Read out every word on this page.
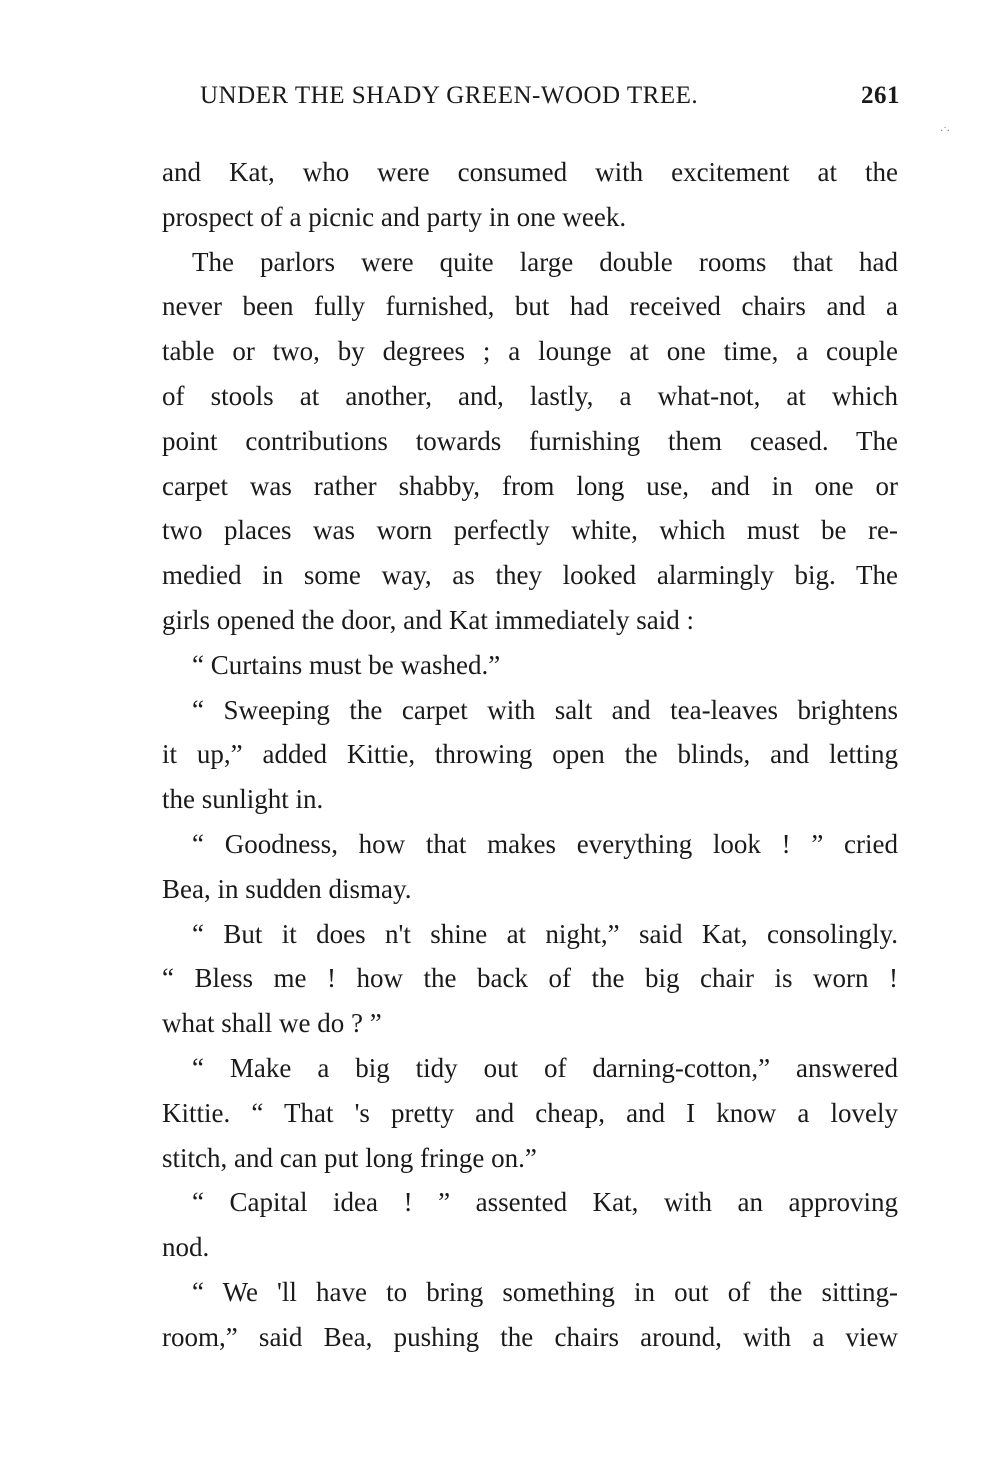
UNDER THE SHADY GREEN-WOOD TREE.	261
·˙·
and Kat, who were consumed with excitement at the
prospect of a picnic and party in one week.
The parlors were quite large double rooms that had
never been fully furnished, but had received chairs and a
table or two, by degrees ; a lounge at one time, a couple
of stools at another, and, lastly, a what-not, at which
point contributions towards furnishing them ceased. The
carpet was rather shabby, from long use, and in one or
two places was worn perfectly white, which must be re-
medied in some way, as they looked alarmingly big. The
girls opened the door, and Kat immediately said :
“ Curtains must be washed.”
“ Sweeping the carpet with salt and tea-leaves brightens
it up,” added Kittie, throwing open the blinds, and letting
the sunlight in.
“ Goodness, how that makes everything look ! ” cried
Bea, in sudden dismay.
“ But it does n't shine at night,” said Kat, consolingly.
“ Bless me ! how the back of the big chair is worn !
what shall we do ? ”
“ Make a big tidy out of darning-cotton,” answered
Kittie. “ That 's pretty and cheap, and I know a lovely
stitch, and can put long fringe on.”
“ Capital idea ! ” assented Kat, with an approving
nod.
“ We 'll have to bring something in out of the sitting-
room,” said Bea, pushing the chairs around, with a view
